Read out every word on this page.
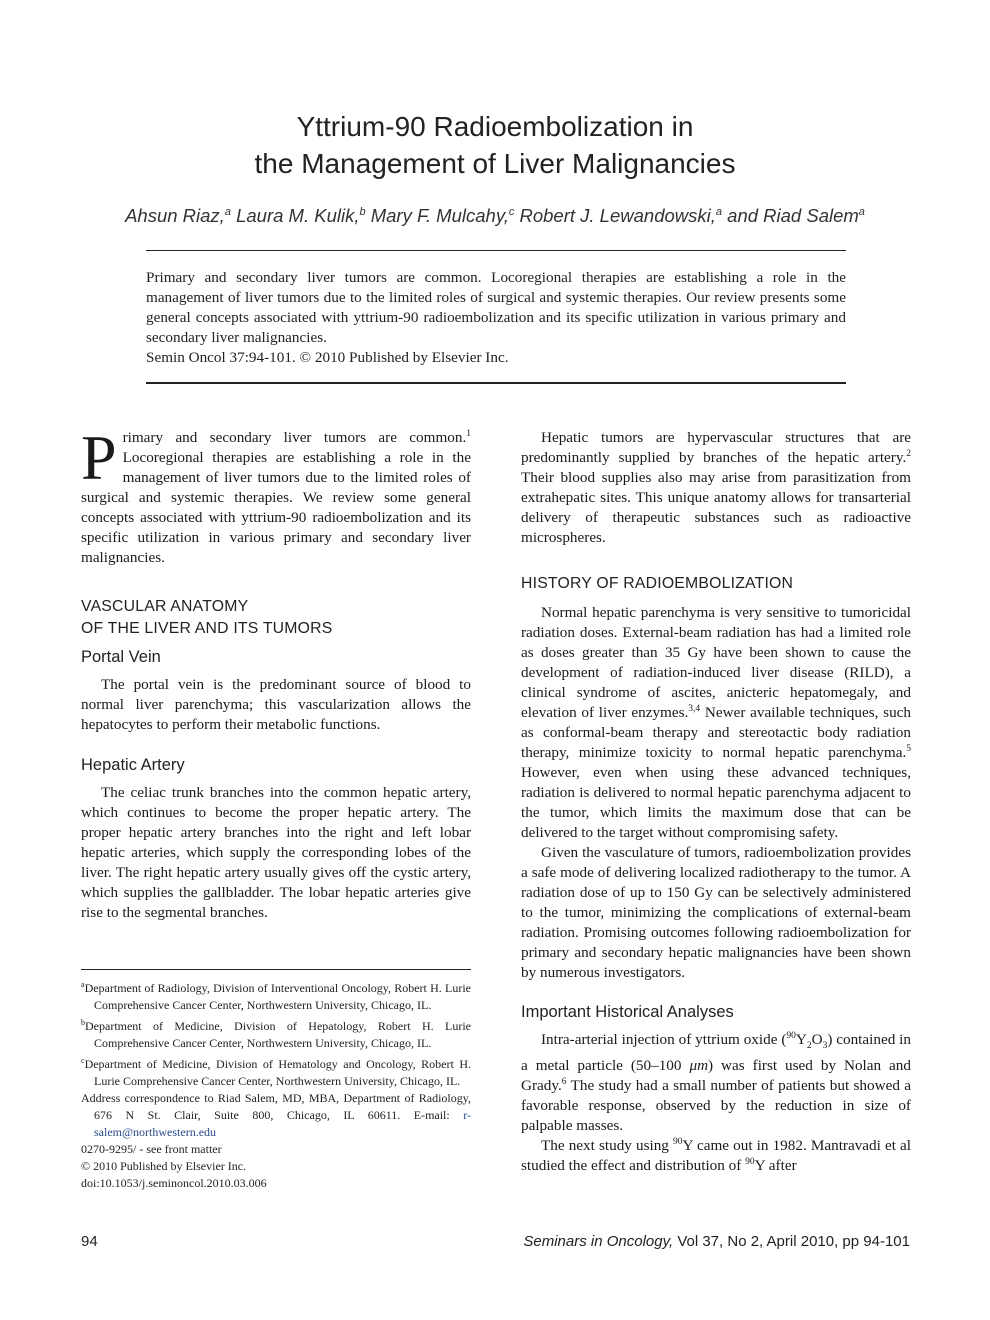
Yttrium-90 Radioembolization in
the Management of Liver Malignancies
Ahsun Riaz,$^a$ Laura M. Kulik,$^b$ Mary F. Mulcahy,$^c$ Robert J. Lewandowski,$^a$ and Riad Salem$^a$

Primary and secondary liver tumors are common. Locoregional therapies are establishing a role in the management of liver tumors due to the limited roles of surgical and systemic therapies. Our review presents some general concepts associated with yttrium-90 radioembolization and its specific utilization in various primary and secondary liver malignancies.

Semin Oncol 37:94-101. © 2010 Published by Elsevier Inc.

Primary and secondary liver tumors are common.$^1$ Locoregional therapies are establishing a role in the management of liver tumors due to the limited roles of surgical and systemic therapies. We review some general concepts associated with yttrium-90 radioembolization and its specific utilization in various primary and secondary liver malignancies.

VASCULAR ANATOMY
OF THE LIVER AND ITS TUMORS
Portal Vein

The portal vein is the predominant source of blood to normal liver parenchyma; this vascularization allows the hepatocytes to perform their metabolic functions.

Hepatic Artery

The celiac trunk branches into the common hepatic artery, which continues to become the proper hepatic artery. The proper hepatic artery branches into the right and left lobar hepatic arteries, which supply the corresponding lobes of the liver. The right hepatic artery usually gives off the cystic artery, which supplies the gallbladder. The lobar hepatic arteries give rise to the segmental branches.

$^a$Department of Radiology, Division of Interventional Oncology, Robert H. Lurie Comprehensive Cancer Center, Northwestern University, Chicago, IL.

$^b$Department of Medicine, Division of Hepatology, Robert H. Lurie Comprehensive Cancer Center, Northwestern University, Chicago, IL.

$^c$Department of Medicine, Division of Hematology and Oncology, Robert H. Lurie Comprehensive Cancer Center, Northwestern University, Chicago, IL.

Address correspondence to Riad Salem, MD, MBA, Department of Radiology, 676 N St. Clair, Suite 800, Chicago, IL 60611. E-mail: r-salem@northwestern.edu

0270-9295/ - see front matter

© 2010 Published by Elsevier Inc.

doi:10.1053/j.seminoncol.2010.03.006

Hepatic tumors are hypervascular structures that are predominantly supplied by branches of the hepatic artery.$^2$ Their blood supplies also may arise from parasitization from extrahepatic sites. This unique anatomy allows for transarterial delivery of therapeutic substances such as radioactive microspheres.

HISTORY OF RADIOEMBOLIZATION

Normal hepatic parenchyma is very sensitive to tumoricidal radiation doses. External-beam radiation has had a limited role as doses greater than 35 Gy have been shown to cause the development of radiation-induced liver disease (RILD), a clinical syndrome of ascites, anicteric hepatomegaly, and elevation of liver enzymes.$^{3,4}$ Newer available techniques, such as conformal-beam therapy and stereotactic body radiation therapy, minimize toxicity to normal hepatic parenchyma.$^5$ However, even when using these advanced techniques, radiation is delivered to normal hepatic parenchyma adjacent to the tumor, which limits the maximum dose that can be delivered to the target without compromising safety.

Given the vasculature of tumors, radioembolization provides a safe mode of delivering localized radiotherapy to the tumor. A radiation dose of up to 150 Gy can be selectively administered to the tumor, minimizing the complications of external-beam radiation. Promising outcomes following radioembolization for primary and secondary hepatic malignancies have been shown by numerous investigators.

Important Historical Analyses

Intra-arterial injection of yttrium oxide $(^{90}Y_2O_3)$ contained in a metal particle (50–100 μm) was first used by Nolan and Grady.$^6$ The study had a small number of patients but showed a favorable response, observed by the reduction in size of palpable masses.

The next study using $^{90}$Y came out in 1982. Mantravadi et al studied the effect and distribution of $^{90}$Y after

94	Seminars in Oncology, Vol 37, No 2, April 2010, pp 94-101
